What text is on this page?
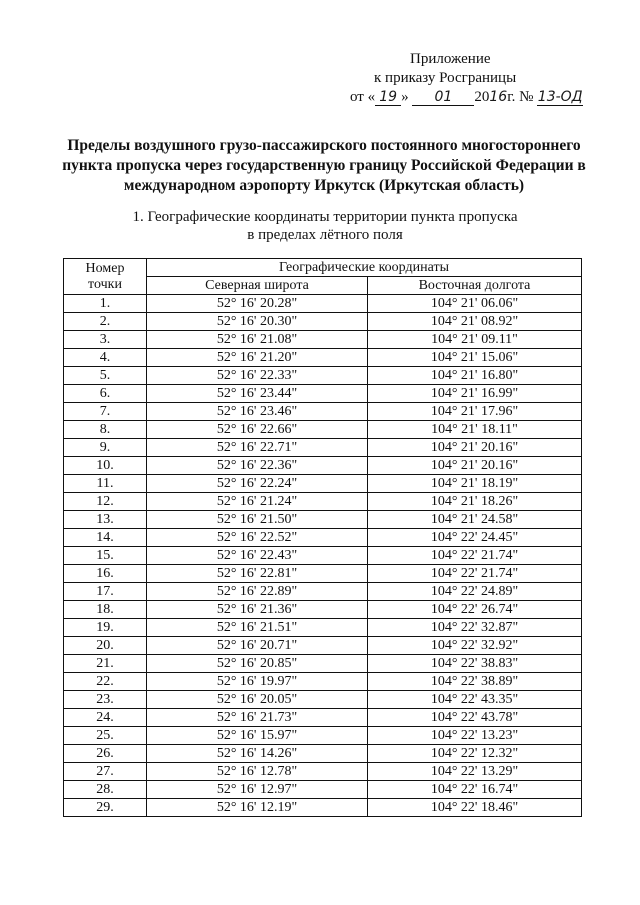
Приложение
к приказу Росграницы
от « 19 » 01 2016г. № 13-ОД
Пределы воздушного грузо-пассажирского постоянного многостороннего пункта пропуска через государственную границу Российской Федерации в международном аэропорту Иркутск (Иркутская область)
1. Географические координаты территории пункта пропуска
в пределах лётного поля
Номер
точки	Географические координаты	
	Северная широта	Восточная долгота
1.	52° 16' 20.28"	104° 21' 06.06"
2.	52° 16' 20.30"	104° 21' 08.92"
3.	52° 16' 21.08"	104° 21' 09.11"
4.	52° 16' 21.20"	104° 21' 15.06"
5.	52° 16' 22.33"	104° 21' 16.80"
6.	52° 16' 23.44"	104° 21' 16.99"
7.	52° 16' 23.46"	104° 21' 17.96"
8.	52° 16' 22.66"	104° 21' 18.11"
9.	52° 16' 22.71"	104° 21' 20.16"
10.	52° 16' 22.36"	104° 21' 20.16"
11.	52° 16' 22.24"	104° 21' 18.19"
12.	52° 16' 21.24"	104° 21' 18.26"
13.	52° 16' 21.50"	104° 21' 24.58"
14.	52° 16' 22.52"	104° 22' 24.45"
15.	52° 16' 22.43"	104° 22' 21.74"
16.	52° 16' 22.81"	104° 22' 21.74"
17.	52° 16' 22.89"	104° 22' 24.89"
18.	52° 16' 21.36"	104° 22' 26.74"
19.	52° 16' 21.51"	104° 22' 32.87"
20.	52° 16' 20.71"	104° 22' 32.92"
21.	52° 16' 20.85"	104° 22' 38.83"
22.	52° 16' 19.97"	104° 22' 38.89"
23.	52° 16' 20.05"	104° 22' 43.35"
24.	52° 16' 21.73"	104° 22' 43.78"
25.	52° 16' 15.97"	104° 22' 13.23"
26.	52° 16' 14.26"	104° 22' 12.32"
27.	52° 16' 12.78"	104° 22' 13.29"
28.	52° 16' 12.97"	104° 22' 16.74"
29.	52° 16' 12.19"	104° 22' 18.46"
